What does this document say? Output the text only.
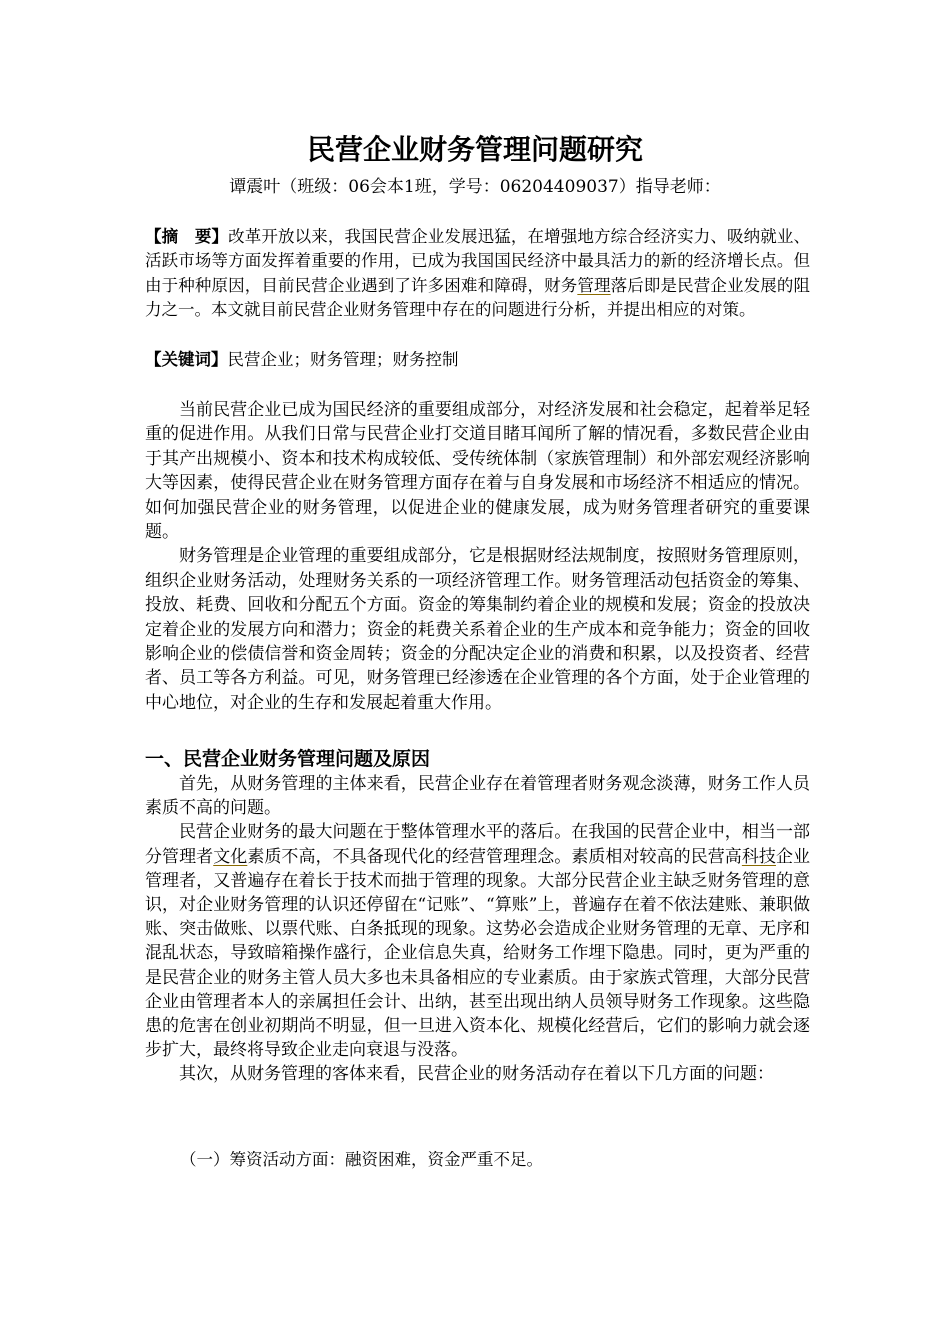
民营企业财务管理问题研究
谭震叶（班级：06会本1班，学号：06204409037）指导老师：

【摘　要】改革开放以来，我国民营企业发展迅猛，在增强地方综合经济实力、吸纳就业、活跃市场等方面发挥着重要的作用，已成为我国国民经济中最具活力的新的经济增长点。但由于种种原因，目前民营企业遇到了许多困难和障碍，财务管理落后即是民营企业发展的阻力之一。本文就目前民营企业财务管理中存在的问题进行分析，并提出相应的对策。

【关键词】民营企业；财务管理；财务控制

当前民营企业已成为国民经济的重要组成部分，对经济发展和社会稳定，起着举足轻重的促进作用。从我们日常与民营企业打交道目睹耳闻所了解的情况看，多数民营企业由于其产出规模小、资本和技术构成较低、受传统体制（家族管理制）和外部宏观经济影响大等因素，使得民营企业在财务管理方面存在着与自身发展和市场经济不相适应的情况。如何加强民营企业的财务管理，以促进企业的健康发展，成为财务管理者研究的重要课题。

财务管理是企业管理的重要组成部分，它是根据财经法规制度，按照财务管理原则，组织企业财务活动，处理财务关系的一项经济管理工作。财务管理活动包括资金的筹集、投放、耗费、回收和分配五个方面。资金的筹集制约着企业的规模和发展；资金的投放决定着企业的发展方向和潜力；资金的耗费关系着企业的生产成本和竞争能力；资金的回收影响企业的偿债信誉和资金周转；资金的分配决定企业的消费和积累，以及投资者、经营者、员工等各方利益。可见，财务管理已经渗透在企业管理的各个方面，处于企业管理的中心地位，对企业的生存和发展起着重大作用。

一、民营企业财务管理问题及原因

首先，从财务管理的主体来看，民营企业存在着管理者财务观念淡薄，财务工作人员素质不高的问题。

民营企业财务的最大问题在于整体管理水平的落后。在我国的民营企业中，相当一部分管理者文化素质不高，不具备现代化的经营管理理念。素质相对较高的民营高科技企业管理者，又普遍存在着长于技术而拙于管理的现象。大部分民营企业主缺乏财务管理的意识，对企业财务管理的认识还停留在“记账”、“算账”上，普遍存在着不依法建账、兼职做账、突击做账、以票代账、白条抵现的现象。这势必会造成企业财务管理的无章、无序和混乱状态，导致暗箱操作盛行，企业信息失真，给财务工作埋下隐患。同时，更为严重的是民营企业的财务主管人员大多也未具备相应的专业素质。由于家族式管理，大部分民营企业由管理者本人的亲属担任会计、出纳，甚至出现出纳人员领导财务工作现象。这些隐患的危害在创业初期尚不明显，但一旦进入资本化、规模化经营后，它们的影响力就会逐步扩大，最终将导致企业走向衰退与没落。

其次，从财务管理的客体来看，民营企业的财务活动存在着以下几方面的问题：

（一）筹资活动方面：融资困难，资金严重不足。
